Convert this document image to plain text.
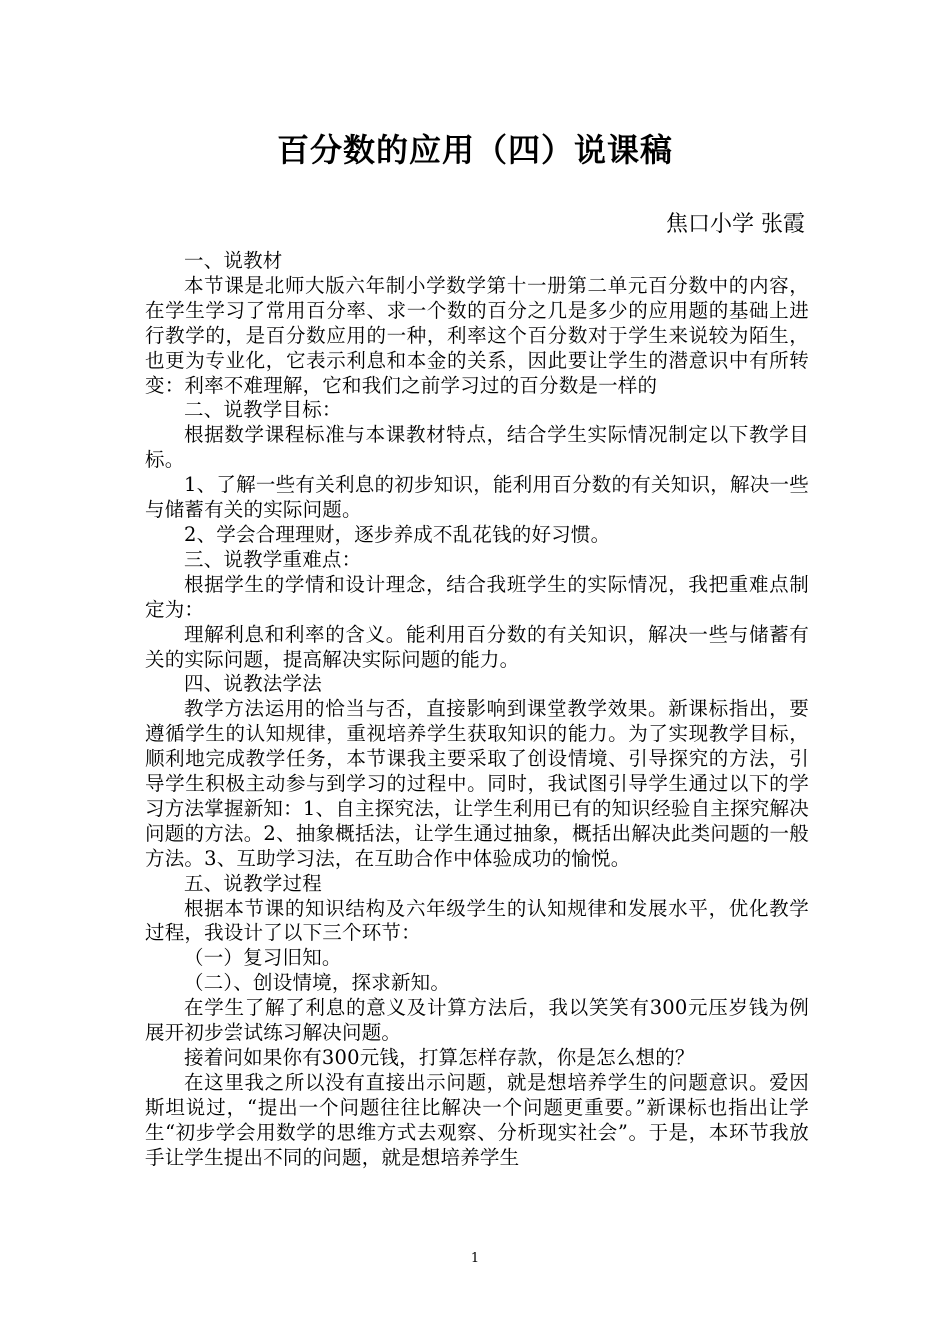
百分数的应用（四）说课稿
焦口小学 张霞

一、说教材

本节课是北师大版六年制小学数学第十一册第二单元百分数中的内容，在学生学习了常用百分率、求一个数的百分之几是多少的应用题的基础上进行教学的，是百分数应用的一种，利率这个百分数对于学生来说较为陌生，也更为专业化，它表示利息和本金的关系，因此要让学生的潜意识中有所转变：利率不难理解，它和我们之前学习过的百分数是一样的

二、说教学目标：

根据数学课程标准与本课教材特点，结合学生实际情况制定以下教学目标。

1、了解一些有关利息的初步知识，能利用百分数的有关知识，解决一些与储蓄有关的实际问题。

2、学会合理理财，逐步养成不乱花钱的好习惯。

三、说教学重难点：

根据学生的学情和设计理念，结合我班学生的实际情况，我把重难点制定为：

理解利息和利率的含义。能利用百分数的有关知识，解决一些与储蓄有关的实际问题，提高解决实际问题的能力。

四、说教法学法

教学方法运用的恰当与否，直接影响到课堂教学效果。新课标指出，要遵循学生的认知规律，重视培养学生获取知识的能力。为了实现教学目标，顺利地完成教学任务，本节课我主要采取了创设情境、引导探究的方法，引导学生积极主动参与到学习的过程中。同时，我试图引导学生通过以下的学习方法掌握新知：1、自主探究法，让学生利用已有的知识经验自主探究解决问题的方法。2、抽象概括法，让学生通过抽象，概括出解决此类问题的一般方法。3、互助学习法，在互助合作中体验成功的愉悦。

五、说教学过程

根据本节课的知识结构及六年级学生的认知规律和发展水平，优化教学过程，我设计了以下三个环节：

（一）复习旧知。

（二）、创设情境，探求新知。

在学生了解了利息的意义及计算方法后，我以笑笑有300元压岁钱为例展开初步尝试练习解决问题。

接着问如果你有300元钱，打算怎样存款，你是怎么想的？

在这里我之所以没有直接出示问题，就是想培养学生的问题意识。爱因斯坦说过，“提出一个问题往往比解决一个问题更重要。”新课标也指出让学生“初步学会用数学的思维方式去观察、分析现实社会”。于是，本环节我放手让学生提出不同的问题，就是想培养学生

1
